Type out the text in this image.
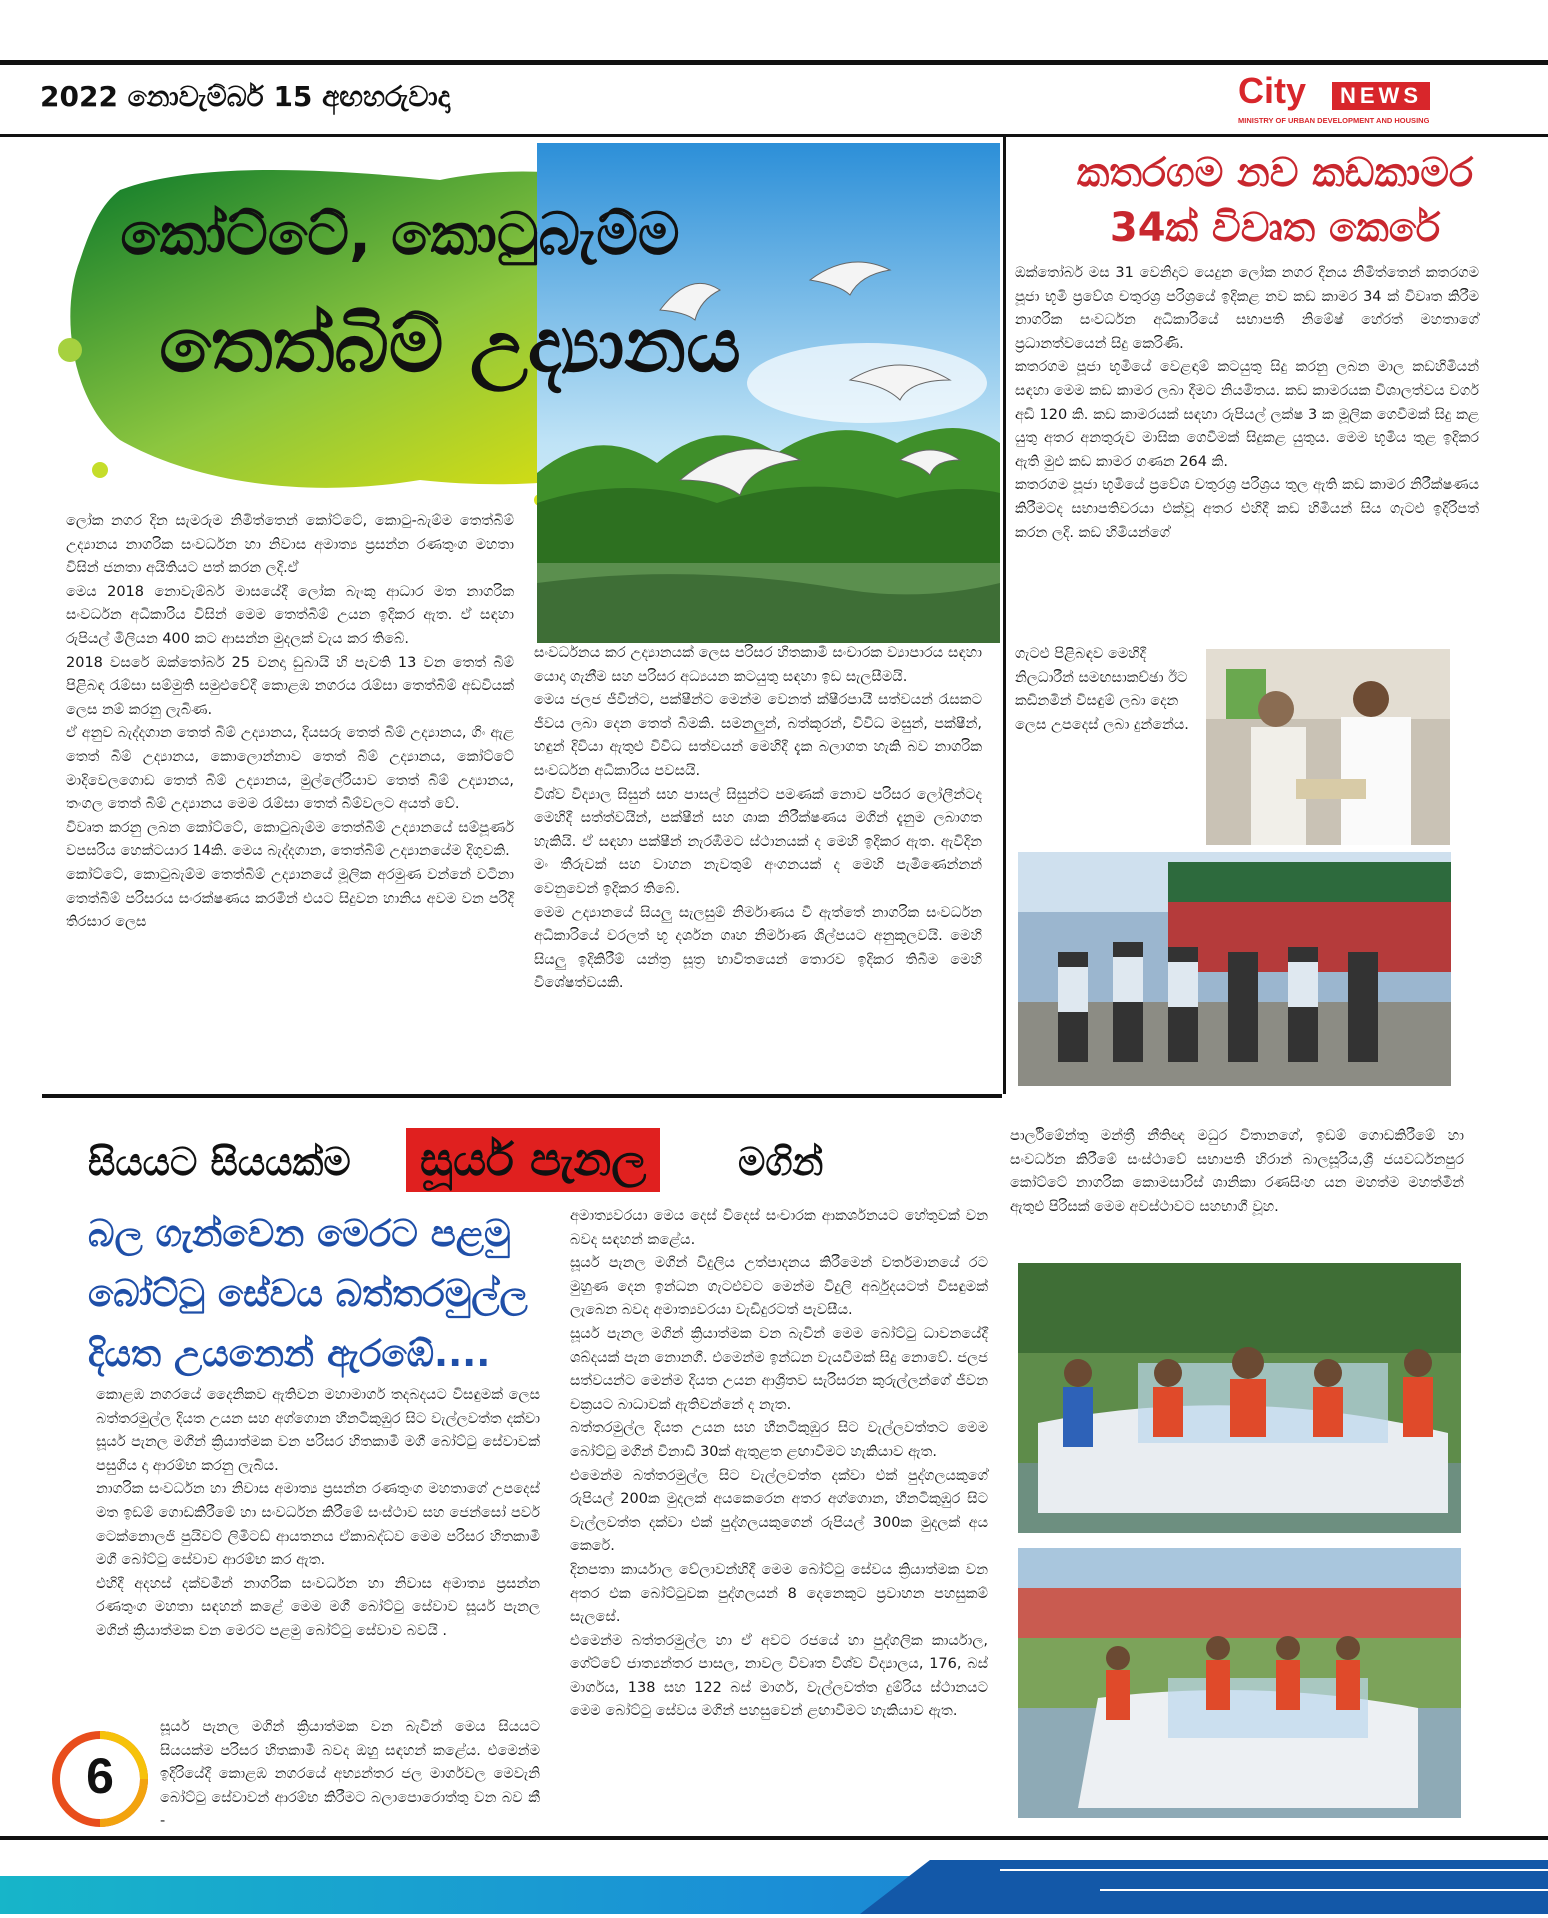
2022 නොවැම්බර් 15 අඟහරුවාදා	City	NEWS
MINISTRY OF URBAN DEVELOPMENT AND HOUSING
කෝට්ටේ, කොටුබැම්ම
තෙත්බිම් උද්‍යානය

ලෝක නගර දින සැමරුම නිමිත්තෙන් කෝට්ටේ, කොටු-බැම්ම තෙත්බිම් උද්‍යානය නාගරික සංවර්ධන හා නිවාස අමාත්‍ය ප්‍රසන්න රණතුංග මහතා විසින් ජනතා අයිතියට පත් කරන ලදි.ඒ

මෙය 2018 නොවැම්බර් මාසයේදී ලෝක බැංකු ආධාර මත නාගරික සංවර්ධන අධිකාරිය විසින් මෙම තෙත්බිම් උයන ඉදිකර ඇත. ඒ සඳහා රුපියල් මිලියන 400 කට ආසන්න මුදලක් වැය කර තිබේ.

2018 වසරේ ඔක්තෝබර් 25 වනදා ඩුබායි හි පැවති 13 වන තෙත් බිම් පිළිබඳ රැම්සා සම්මුති සමුළුවේදී කොළඹ නගරය රැම්සා තෙත්බිම් අඩවියක් ලෙස නම් කරනු ලැබිණ.

ඒ අනුව බැද්දගාන තෙත් බිම් උද්‍යානය, දියසරු තෙත් බිම් උද්‍යානය, ගිං ඇළ තෙත් බිම් උද්‍යානය, කොලොන්නාව තෙත් බිම් උද්‍යානය, කෝට්ටේ මාදිවෙලගොඩ තෙත් බිම් උද්‍යානය, මුල්ලේරියාව තෙත් බිම් උද්‍යානය, තංගල තෙත් බිම් උද්‍යානය මෙම රැම්සා තෙත් බිම්වලට අයත් වේ.

විවෘත කරනු ලබන කෝට්ටේ, කොටුබැම්ම තෙත්බිම් උද්‍යානයේ සම්පූර්ණ වපසරිය හෙක්ටයාර 14කි. මෙය බැද්දගාන, තෙත්බිම් උද්‍යානයේම දිගුවකි.

කෝට්ටේ, කොටුබැම්ම තෙත්බිම් උද්‍යානයේ මූලික අරමුණ වන්නේ වටිනා තෙත්බිම් පරිසරය සංරක්ෂණය කරමින් එයට සිදුවන හානිය අවම වන පරිදි තිරසාර ලෙස

සංවර්ධනය කර උද්‍යානයක් ලෙස පරිසර හිතකාමී සංචාරක ව්‍යාපාරය සඳහා යොදා ගැනීම සහ පරිසර අධ්‍යයන කටයුතු සඳහා ඉඩ සැලසීමයි.

මෙය ජලජ ජීවීන්ට, පක්ෂීන්ට මෙන්ම වෙනත් ක්ෂීරපායී සත්වයන් රැසකට ජීවය ලබා දෙන තෙත් බිමකි. සමනලුන්, බත්කූරන්, විවිධ මසුන්, පක්ෂීන්, හඳුන් දිවියා ඇතුළු විවිධ සත්වයන් මෙහිදී දැක බලාගත හැකි බව නාගරික සංවර්ධන අධිකාරිය පවසයි.

විශ්ව විද්‍යාල සිසුන් සහ පාසල් සිසුන්ට පමණක් නොව පරිසර ලෝලීන්ටද මෙහිදී සත්ත්වයින්, පක්ෂීන් සහ ශාක නිරීක්ෂණය මගින් දැනුම ලබාගත හැකියි. ඒ සඳහා පක්ෂීන් නැරඹීමට ස්ථානයක් ද මෙහි ඉදිකර ඇත. ඇවිදින මං තීරුවක් සහ වාහන නැවතුම් අංගනයක් ද මෙහි පැමිණෙන්නන් වෙනුවෙන් ඉදිකර තිබේ.

මෙම උද්‍යානයේ සියලු සැලසුම් නිර්මාණය වී ඇත්තේ නාගරික සංවර්ධන අධිකාරියේ වරලත් භූ දර්ශන ගෘහ නිර්මාණ ශිල්පයට අනුකූලවයි. මෙහි සියලු ඉදිකිරීම් යන්ත්‍ර සූත්‍ර භාවිතයෙන් තොරව ඉදිකර තිබීම මෙහි විශේෂත්වයකි.

කතරගම නව කඩකාමර
34ක් විවෘත කෙරේ

ඔක්තෝබර් මස 31 වෙනිදාට යෙදුන ලෝක නගර දිනය නිමිත්තෙන් කතරගම පූජා භූමි ප්‍රවේශ චතුරශ්‍ර පරිශ්‍රයේ ඉදිකළ නව කඩ කාමර 34 ක් විවෘත කිරීම නාගරික සංවර්ධන අධිකාරියේ සභාපති නිමේෂ් හේරත් මහතාගේ ප්‍රධානත්වයෙන් සිදු කෙරිණි.

කතරගම පූජා භූමියේ වෙළඳාම් කටයුතු සිදු කරනු ලබන මාල කඩහිමියන් සඳහා මෙම කඩ කාමර ලබා දීමට නියමිතය. කඩ කාමරයක විශාලත්වය වර්ග අඩි 120 කි. කඩ කාමරයක් සඳහා රුපියල් ලක්ෂ 3 ක මූලික ගෙවීමක් සිදු කළ යුතු අතර අනතුරුව මාසික ගෙවීමක් සිදුකළ යුතුය. මෙම භූමිය තුළ ඉදිකර ඇති මුළු කඩ කාමර ගණන 264 කි.

කතරගම පූජා භූමියේ ප්‍රවේශ චතුරශ්‍ර පරිශ්‍රය තුල ඇති කඩ කාමර නිරීක්ෂණය කිරීමටද සභාපතිවරයා එක්වූ අතර එහිදී කඩ හිමියන් සිය ගැටළු ඉදිරිපත් කරන ලදි. කඩ හිමියන්ගේ

ගැටළු පිළිබඳව මෙහිදී නිලධාරීන් සමඟසාකච්ඡා ඊට කඩිනමින් විසඳුම් ලබා දෙන ලෙස උපදෙස් ලබා දුන්නේය.

සියයට සියයක්ම	සූර්ය පැනල	මගින්
බල ගැන්වෙන මෙරට පළමු
බෝට්ටු සේවය බත්තරමුල්ල
දියත උයනෙන් ඇරඹේ....

කොළඹ නගරයේ දෛනිකව ඇතිවන මහාමාර්ග තදබදයට විසඳුමක් ලෙස බත්තරමුල්ල දියත උයන සහ අග්ගොන හීනටිකුඹුර සිට වැල්ලවත්ත දක්වා සූර්ය පැනල මගින් ක්‍රියාත්මක වන පරිසර හිතකාමී මගී බෝට්ටු සේවාවක් පසුගිය දා ආරම්භ කරනු ලැබිය.

නාගරික සංවර්ධන හා නිවාස අමාත්‍ය ප්‍රසන්න රණතුංග මහතාගේ උපදෙස් මත ඉඩම් ගොඩකිරීමේ හා සංවර්ධන කිරීමේ සංස්ථාව සහ ජෙන්සෝ පවර් ටෙක්නොලජි පුයිවට් ලිමිටඩ් ආයතනය ඒකාබද්ධව මෙම පරිසර හිතකාමී මගී බෝට්ටු සේවාව ආරම්භ කර ඇත.

එහිදී අදහස් දක්වමින් නාගරික සංවර්ධන හා නිවාස අමාත්‍ය ප්‍රසන්න රණතුංග මහතා සඳහන් කළේ මෙම මගී බෝට්ටු සේවාව සූර්ය පැනල මගින් ක්‍රියාත්මක වන මෙරට පළමු බෝට්ටු සේවාව බවයි .

සූර්ය පැනල මගින් ක්‍රියාත්මක වන බැවින් මෙය සියයට සියයක්ම පරිසර හිතකාමී බවද ඔහු සඳහන් කළේය. එමෙන්ම ඉදිරියේදී කොළඹ නගරයේ අභ්‍යන්තර ජල මාර්ගවල මෙවැනි බෝට්ටු සේවාවන් ආරම්භ කිරීමට බලාපොරොත්තු වන බව කී -

අමාත්‍යවරයා මෙය දෙස් විදෙස් සංචාරක ආකර්ශනයට හේතුවක් වන බවද සඳහන් කළේය.

සූර්ය පැනල මගින් විදුලිය උත්පාදනය කිරීමෙන් වර්තමානයේ රට මුහුණ දෙන ඉන්ධන ගැටළුවට මෙන්ම විදුලි අර්බුදයටත් විසඳුමක් ලැබෙන බවද අමාත්‍යවරයා වැඩිදුරටත් පැවසීය.

සූර්ය පැනල මගින් ක්‍රියාත්මක වන බැවින් මෙම බෝට්ටු ධාවනයේදී ශබ්දයක් පැන නොනගී. එමෙන්ම ඉන්ධන වැයවීමක් සිදු නොවේ. ජලජ සත්වයන්ට මෙන්ම දියත උයන ආශ්‍රිතව සැරිසරන කුරුල්ලන්ගේ ජීවන චක්‍රයට බාධාවක් ඇතිවන්නේ ද නැත.

බත්තරමුල්ල දියත උයන සහ හීනටිකුඹුර සිට වැල්ලවත්තට මෙම බෝට්ටු මගින් විනාඩි 30ක් ඇතුළත ළඟාවීමට හැකියාව ඇත.

එමෙන්ම බත්තරමුල්ල සිට වැල්ලවත්ත දක්වා එක් පුද්ගලයකුගේ රුපියල් 200ක මුදලක් අයකෙරෙන අතර අග්ගොන, හීනටිකුඹුර සිට වැල්ලවත්ත දක්වා එක් පුද්ගලයකුගෙන් රුපියල් 300ක මුදලක් අය කෙරේ.

දිනපතා කාර්යාල වේලාවන්හිදී මෙම බෝට්ටු සේවය ක්‍රියාත්මක වන අතර එක බෝට්ටුවක පුද්ගලයන් 8 දෙනෙකුට ප්‍රවාහන පහසුකම් සැලසේ.

එමෙන්ම බත්තරමුල්ල හා ඒ අවට රජයේ හා පුද්ගලික කාර්යාල, ගේට්වේ ජාත්‍යන්තර පාසල, නාවල විවෘත විශ්ව විද්‍යාලය, 176, බස් මාර්ගය, 138 සහ 122 බස් මාර්ග, වැල්ලවත්ත දුම්රිය ස්ථානයට මෙම බෝට්ටු සේවය මගින් පහසුවෙන් ළඟාවීමට හැකියාව ඇත.

පාර්ලිමේන්තු මන්ත්‍රී නීතිඥ මධුර විතානගේ, ඉඩම් ගොඩකිරීමේ හා සංවර්ධන කිරීමේ සංස්ථාවේ සභාපති හිරාන් බාලසූරිය,ශ්‍රී ජයවර්ධනපුර කෝට්ටේ නාගරික කොමසාරිස් ශානිකා රණසිංහ යන මහත්ම මහත්මීන් ඇතුළු පිරිසක් මෙම අවස්ථාවට සහභාගී වූහ.

6
